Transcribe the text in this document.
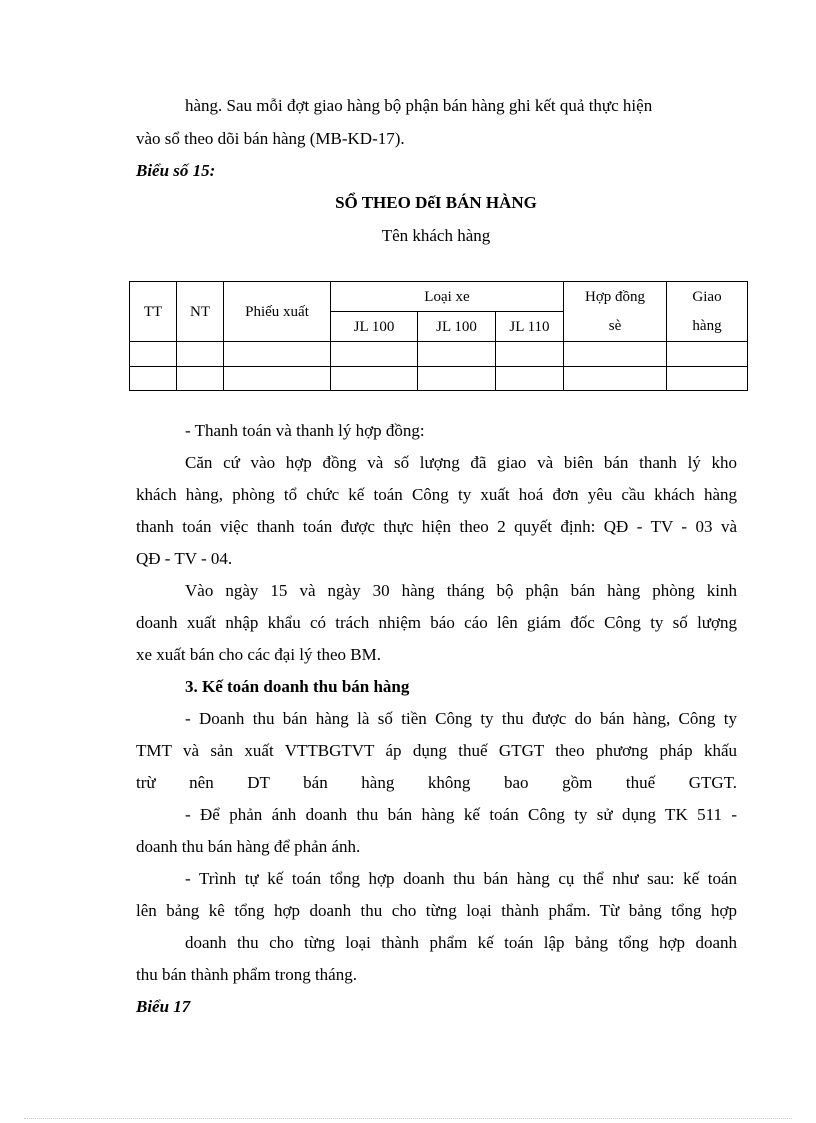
hàng. Sau mỗi đợt giao hàng bộ phận bán hàng ghi kết quả thực hiện
vào sổ theo dõi bán hàng (MB-KD-17).
Biểu số 15:
SỔ THEO DếI BÁN HÀNG
Tên khách hàng
TT	NT	Phiếu xuất	Loại xe			Hợp đồng	Giao
			JL 100	JL 100	JL 110	sè	hàng

- Thanh toán và thanh lý hợp đồng:
Căn cứ vào hợp đồng và số lượng đã giao và biên bán thanh lý kho
khách hàng, phòng tổ chức kế toán Công ty xuất hoá đơn yêu cầu khách hàng
thanh toán việc thanh toán được thực hiện theo 2 quyết định: QĐ - TV - 03 và
QĐ - TV - 04.
Vào ngày 15 và ngày 30 hàng tháng bộ phận bán hàng phòng kinh
doanh xuất nhập khẩu có trách nhiệm báo cáo lên giám đốc Công ty số lượng
xe xuất bán cho các đại lý theo BM.
3. Kế toán doanh thu bán hàng
- Doanh thu bán hàng là số tiền Công ty thu được do bán hàng, Công ty
TMT và sản xuất VTTBGTVT áp dụng thuế GTGT theo phương pháp khấu
trừ nên DT bán hàng không bao gồm thuế GTGT.
- Để phản ánh doanh thu bán hàng kế toán Công ty sử dụng TK 511 -
doanh thu bán hàng để phản ánh.
- Trình tự kế toán tổng hợp doanh thu bán hàng cụ thể như sau: kế toán
lên bảng kê tổng hợp doanh thu cho từng loại thành phẩm. Từ bảng tổng hợp
doanh thu cho từng loại thành phẩm kế toán lập bảng tổng hợp doanh
thu bán thành phẩm trong tháng.
Biểu 17
